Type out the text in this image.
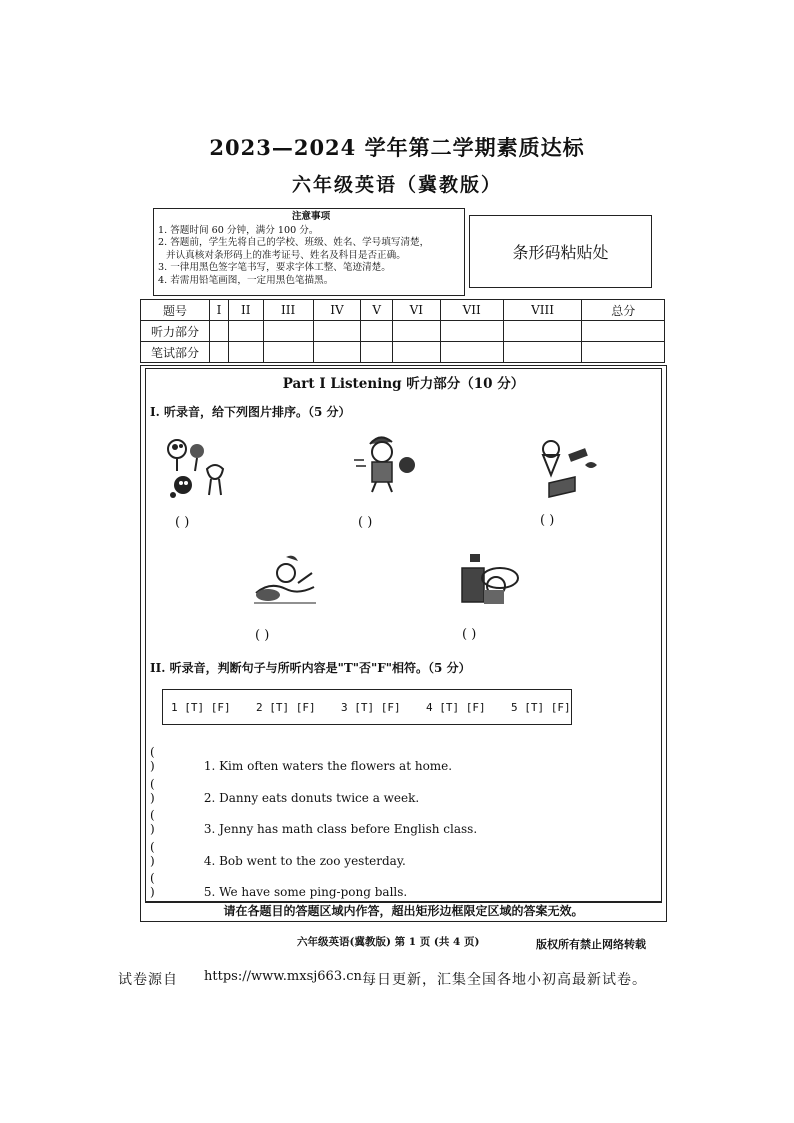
2023—2024 学年第二学期素质达标
六年级英语（冀教版）
注意事项
1. 答题时间 60 分钟，满分 100 分。
2. 答题前，学生先将自己的学校、班级、姓名、学号填写清楚，
并认真核对条形码上的准考证号、姓名及科目是否正确。
3. 一律用黑色签字笔书写，要求字体工整、笔迹清楚。
4. 若需用铅笔画图，一定用黑色笔描黑。
条形码粘贴处
题号	I	II	III	IV	V	VI	VII	VIII	总分
听力部分									
笔试部分									
Part I Listening 听力部分（10 分）
I. 听录音，给下列图片排序。（5 分）
( )	( )	( )
( )	( )
II. 听录音，判断句子与所听内容是"T"否"F"相符。（5 分）
1 [T] [F] 2 [T] [F] 3 [T] [F] 4 [T] [F] 5 [T] [F]
()	1. Kim often waters the flowers at home.
()	2. Danny eats donuts twice a week.
()	3. Jenny has math class before English class.
()	4. Bob went to the zoo yesterday.
()	5. We have some ping-pong balls.
请在各题目的答题区域内作答，超出矩形边框限定区域的答案无效。
六年级英语(冀教版) 第 1 页 (共 4 页)	版权所有禁止网络转载
试卷源自 https://www.mxsj663.cn 每日更新，汇集全国各地小初高最新试卷。
